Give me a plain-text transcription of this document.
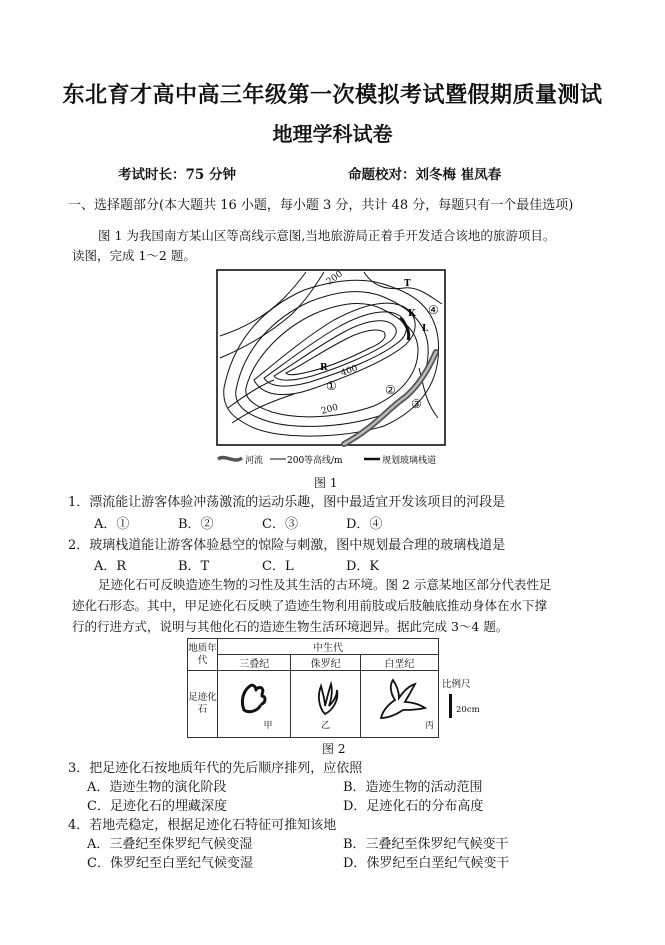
东北育才高中高三年级第一次模拟考试暨假期质量测试
地理学科试卷
考试时长：75 分钟	命题校对：刘冬梅 崔凤春
一、选择题部分(本大题共 16 小题，每小题 3 分，共计 48 分，每题只有一个最佳选项)
图 1 为我国南方某山区等高线示意图,当地旅游局正着手开发适合该地的旅游项目。
读图，完成 1～2 题。
200
400
200
T
K
L
R
①	②
③
④
河流	200 等高线/m	规划玻璃栈道
图 1
1．漂流能让游客体验冲荡激流的运动乐趣，图中最适宜开发该项目的河段是
A．①	B．②	C．③	D．④
2．玻璃栈道能让游客体验悬空的惊险与刺激，图中规划最合理的玻璃栈道是
A．R	B．T	C．L	D．K
足迹化石可反映造迹生物的习性及其生活的古环境。图 2 示意某地区部分代表性足
迹化石形态。其中，甲足迹化石反映了造迹生物利用前肢或后肢触底推动身体在水下撑
行的行进方式，说明与其他化石的造迹生物生活环境迥异。据此完成 3～4 题。
地质年代	中生代		
	三叠纪	侏罗纪	白垩纪
足迹化石	甲	乙	丙
比例尺
20cm
图 2
3．把足迹化石按地质年代的先后顺序排列，应依照
A．造迹生物的演化阶段	B．造迹生物的活动范围
C．足迹化石的埋藏深度	D．足迹化石的分布高度
4．若地壳稳定，根据足迹化石特征可推知该地
A．三叠纪至侏罗纪气候变湿	B．三叠纪至侏罗纪气候变干
C．侏罗纪至白垩纪气候变湿	D．侏罗纪至白垩纪气候变干
